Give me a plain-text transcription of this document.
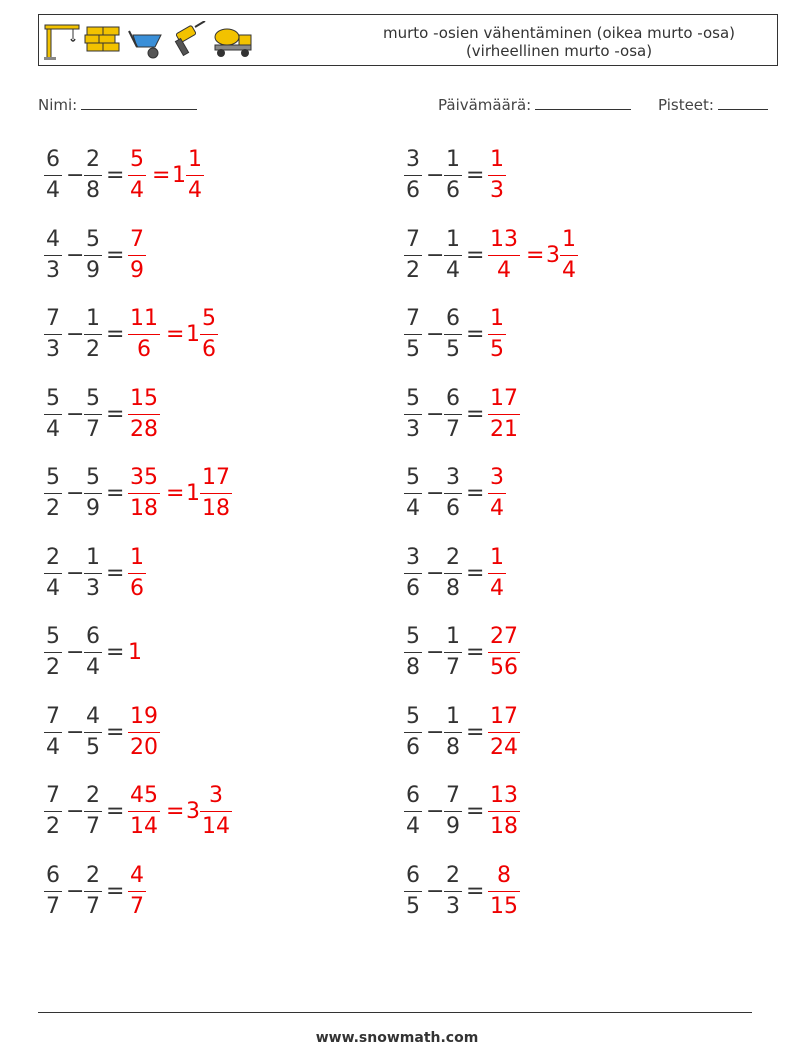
murto -osien vähentäminen (oikea murto -osa) (virheellinen murto -osa)
Nimi:	Päivämäärä:	Pisteet:
6
4
−
2
8
=
5
4
= 1
1
4
4
3
−
5
9
=
7
9
7
3
−
1
2
=
11
6
= 1
5
6
5
4
−
5
7
=
15
28
5
2
−
5
9
=
35
18
= 1
17
18
2
4
−
1
3
=
1
6
5
2
−
6
4
= 1
7
4
−
4
5
=
19
20
7
2
−
2
7
=
45
14
= 3
3
14
6
7
−
2
7
=
4
7
3
6
−
1
6
=
1
3
7
2
−
1
4
=
13
4
= 3
1
4
7
5
−
6
5
=
1
5
5
3
−
6
7
=
17
21
5
4
−
3
6
=
3
4
3
6
−
2
8
=
1
4
5
8
−
1
7
=
27
56
5
6
−
1
8
=
17
24
6
4
−
7
9
=
13
18
6
5
−
2
3
=
8
15
www.snowmath.com
